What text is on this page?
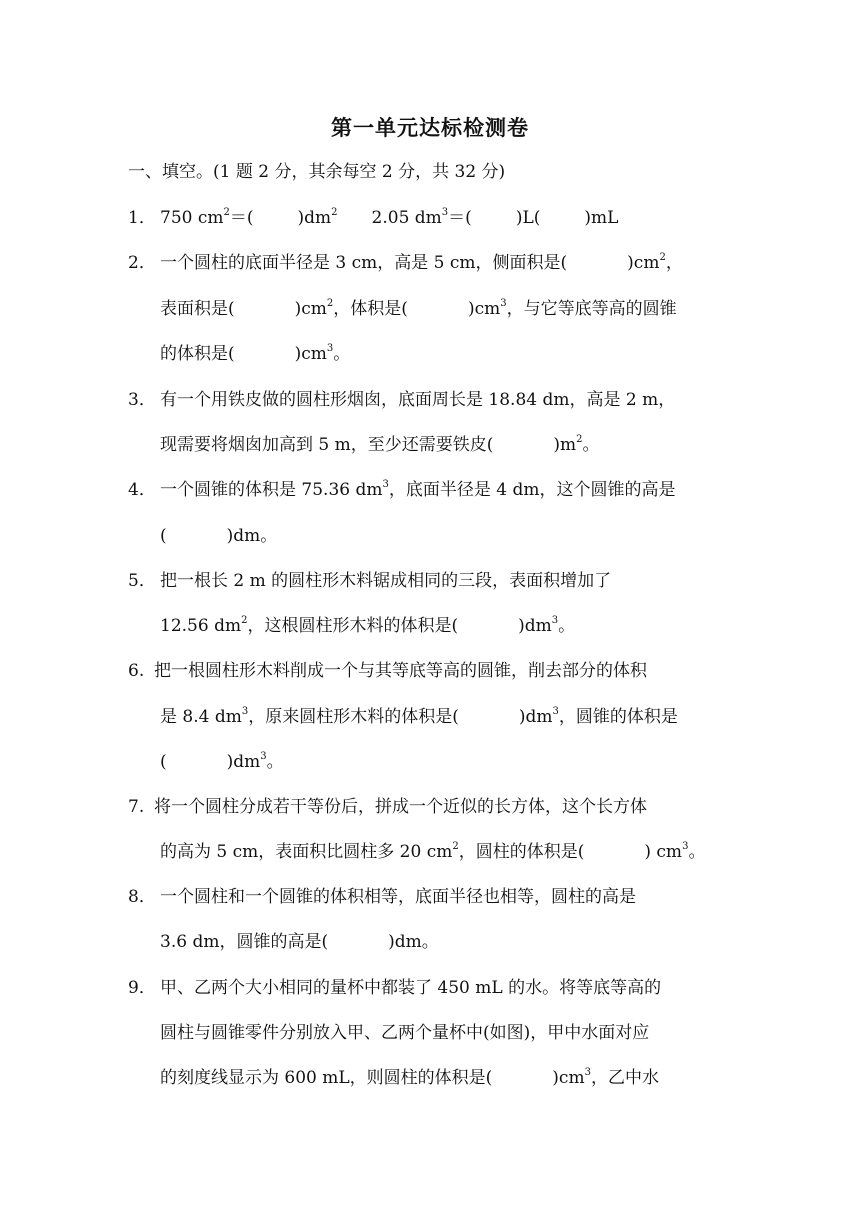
第一单元达标检测卷
一、填空。(1 题 2 分，其余每空 2 分，共 32 分)
1． 750 $cm^2=$(	)$dm^2$ 2.05 $dm^3=$(	)L(	)mL
2． 一个圆柱的底面半径是 3 cm，高是 5 cm，侧面积是(	)$cm^2$，
表面积是(	)$cm^2$，体积是(	)$cm^3$，与它等底等高的圆锥
的体积是(	)$cm^3$。
3． 有一个用铁皮做的圆柱形烟囱，底面周长是 18.84 dm，高是 2 m，
现需要将烟囱加高到 5 m，至少还需要铁皮(	)$m^2$。
4． 一个圆锥的体积是 75.36 $dm^3$，底面半径是 4 dm，这个圆锥的高是
(	)dm。
5． 把一根长 2 m 的圆柱形木料锯成相同的三段，表面积增加了
12.56 $dm^2$，这根圆柱形木料的体积是(	)$dm^3$。
6. 把一根圆柱形木料削成一个与其等底等高的圆锥，削去部分的体积
是 8.4 $dm^3$，原来圆柱形木料的体积是(	)$dm^3$，圆锥的体积是
(	)$dm^3$。
7. 将一个圆柱分成若干等份后，拼成一个近似的长方体，这个长方体
的高为 5 cm，表面积比圆柱多 20 $cm^2$，圆柱的体积是(	) $cm^3$。
8． 一个圆柱和一个圆锥的体积相等，底面半径也相等，圆柱的高是
3.6 dm，圆锥的高是(	)dm。
9． 甲、乙两个大小相同的量杯中都装了 450 mL 的水。将等底等高的
圆柱与圆锥零件分别放入甲、乙两个量杯中(如图)，甲中水面对应
的刻度线显示为 600 mL，则圆柱的体积是(	)$cm^3$，乙中水
